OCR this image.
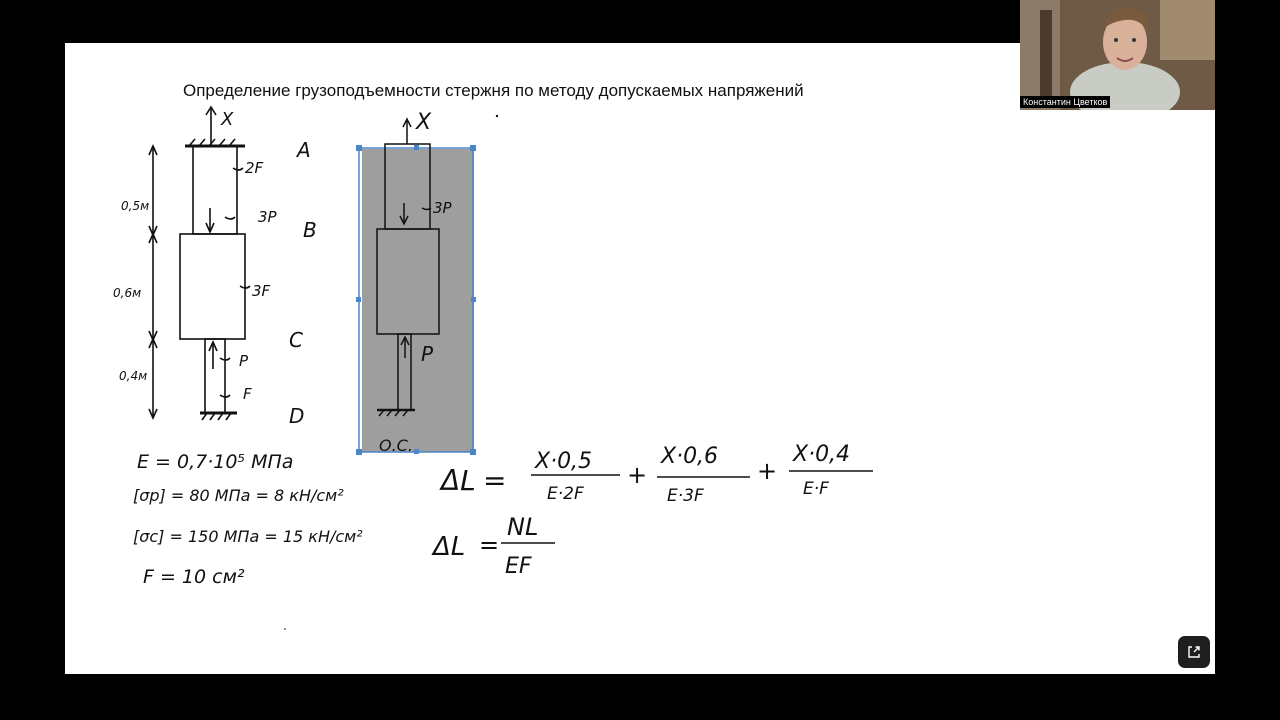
Определение грузоподъемности стержня по методу допускаемых напряжений
X
A
B
C
D
0,5м
0,6м
0,4м
2F
3P
3F
P
F
X
3P
P
О.С.
E = 0,7·10⁵ МПа
[σp] = 80 МПа = 8 кН/см²
[σc] = 150 МПа = 15 кН/см²
F = 10 см²
ΔL =
X·0,5
E·2F
+
X·0,6
E·3F
+
X·0,4
E·F
ΔL =
NL
EF
Константин Цветков
